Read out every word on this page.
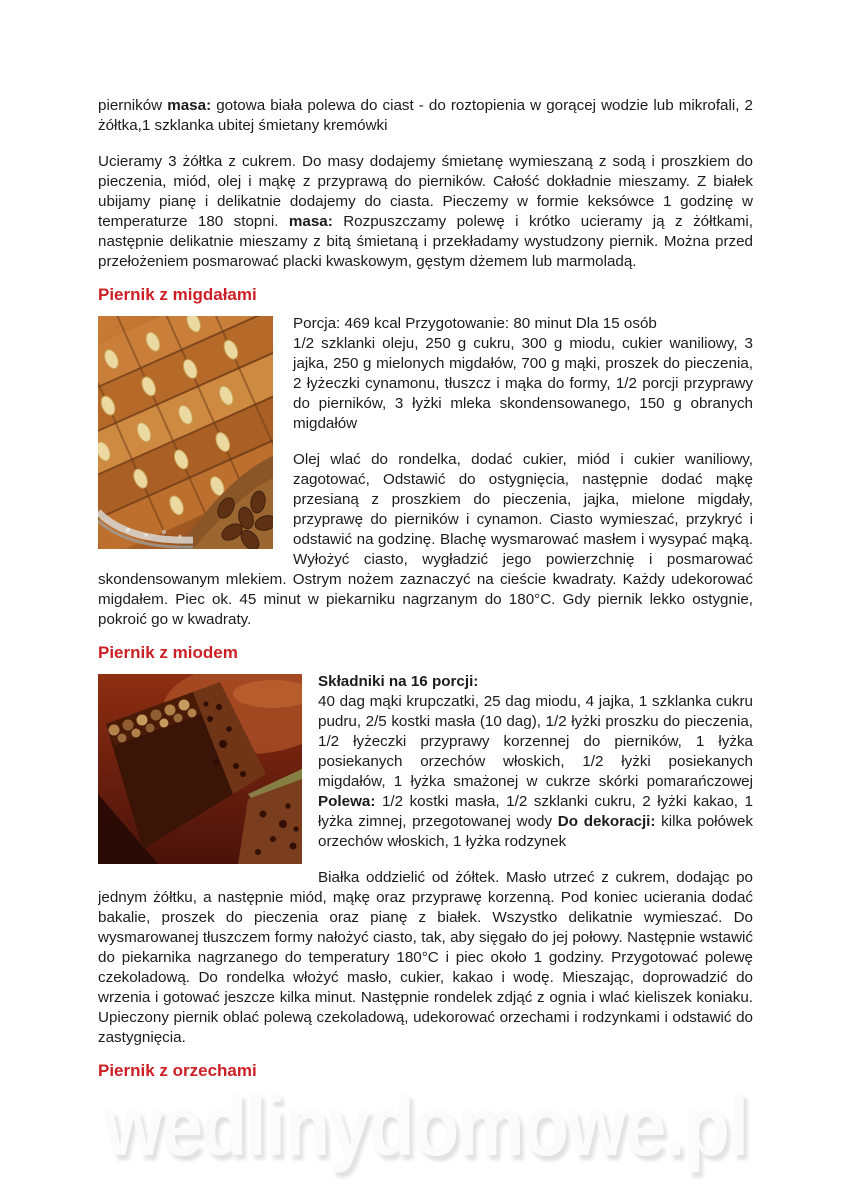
wedlinydomowe.pl

pierników masa: gotowa biała polewa do ciast - do roztopienia w gorącej wodzie lub mikrofali, 2 żółtka,1 szklanka ubitej śmietany kremówki

Ucieramy 3 żółtka z cukrem. Do masy dodajemy śmietanę wymieszaną z sodą i proszkiem do pieczenia, miód, olej i mąkę z przyprawą do pierników. Całość dokładnie mieszamy. Z białek ubijamy pianę i delikatnie dodajemy do ciasta. Pieczemy w formie keksówce 1 godzinę w temperaturze 180 stopni. masa: Rozpuszczamy polewę i krótko ucieramy ją z żółtkami, następnie delikatnie mieszamy z bitą śmietaną i przekładamy wystudzony piernik. Można przed przełożeniem posmarować placki kwaskowym, gęstym dżemem lub marmoladą.

Piernik z migdałami

Porcja: 469 kcal Przygotowanie: 80 minut Dla 15 osób
1/2 szklanki oleju, 250 g cukru, 300 g miodu, cukier waniliowy, 3 jajka, 250 g mielonych migdałów, 700 g mąki, proszek do pieczenia, 2 łyżeczki cynamonu, tłuszcz i mąka do formy, 1/2 porcji przyprawy do pierników, 3 łyżki mleka skondensowanego, 150 g obranych migdałów

Olej wlać do rondelka, dodać cukier, miód i cukier waniliowy, zagotować, Odstawić do ostygnięcia, następnie dodać mąkę przesianą z proszkiem do pieczenia, jajka, mielone migdały, przyprawę do pierników i cynamon. Ciasto wymieszać, przykryć i odstawić na godzinę. Blachę wysmarować masłem i wysypać mąką. Wyłożyć ciasto, wygładzić jego powierzchnię i posmarować skondensowanym mlekiem. Ostrym nożem zaznaczyć na cieście kwadraty. Każdy udekorować migdałem. Piec ok. 45 minut w piekarniku nagrzanym do 180°C. Gdy piernik lekko ostygnie, pokroić go w kwadraty.

Piernik z miodem

Składniki na 16 porcji:
40 dag mąki krupczatki, 25 dag miodu, 4 jajka, 1 szklanka cukru pudru, 2/5 kostki masła (10 dag), 1/2 łyżki proszku do pieczenia, 1/2 łyżeczki przyprawy korzennej do pierników, 1 łyżka posiekanych orzechów włoskich, 1/2 łyżki posiekanych migdałów, 1 łyżka smażonej w cukrze skórki pomarańczowej Polewa: 1/2 kostki masła, 1/2 szklanki cukru, 2 łyżki kakao, 1 łyżka zimnej, przegotowanej wody Do dekoracji: kilka połówek orzechów włoskich, 1 łyżka rodzynek

Białka oddzielić od żółtek. Masło utrzeć z cukrem, dodając po jednym żółtku, a następnie miód, mąkę oraz przyprawę korzenną. Pod koniec ucierania dodać bakalie, proszek do pieczenia oraz pianę z białek. Wszystko delikatnie wymieszać. Do wysmarowanej tłuszczem formy nałożyć ciasto, tak, aby sięgało do jej połowy. Następnie wstawić do piekarnika nagrzanego do temperatury 180°C i piec około 1 godziny. Przygotować polewę czekoladową. Do rondelka włożyć masło, cukier, kakao i wodę. Mieszając, doprowadzić do wrzenia i gotować jeszcze kilka minut. Następnie rondelek zdjąć z ognia i wlać kieliszek koniaku. Upieczony piernik oblać polewą czekoladową, udekorować orzechami i rodzynkami i odstawić do zastygnięcia.

Piernik z orzechami
